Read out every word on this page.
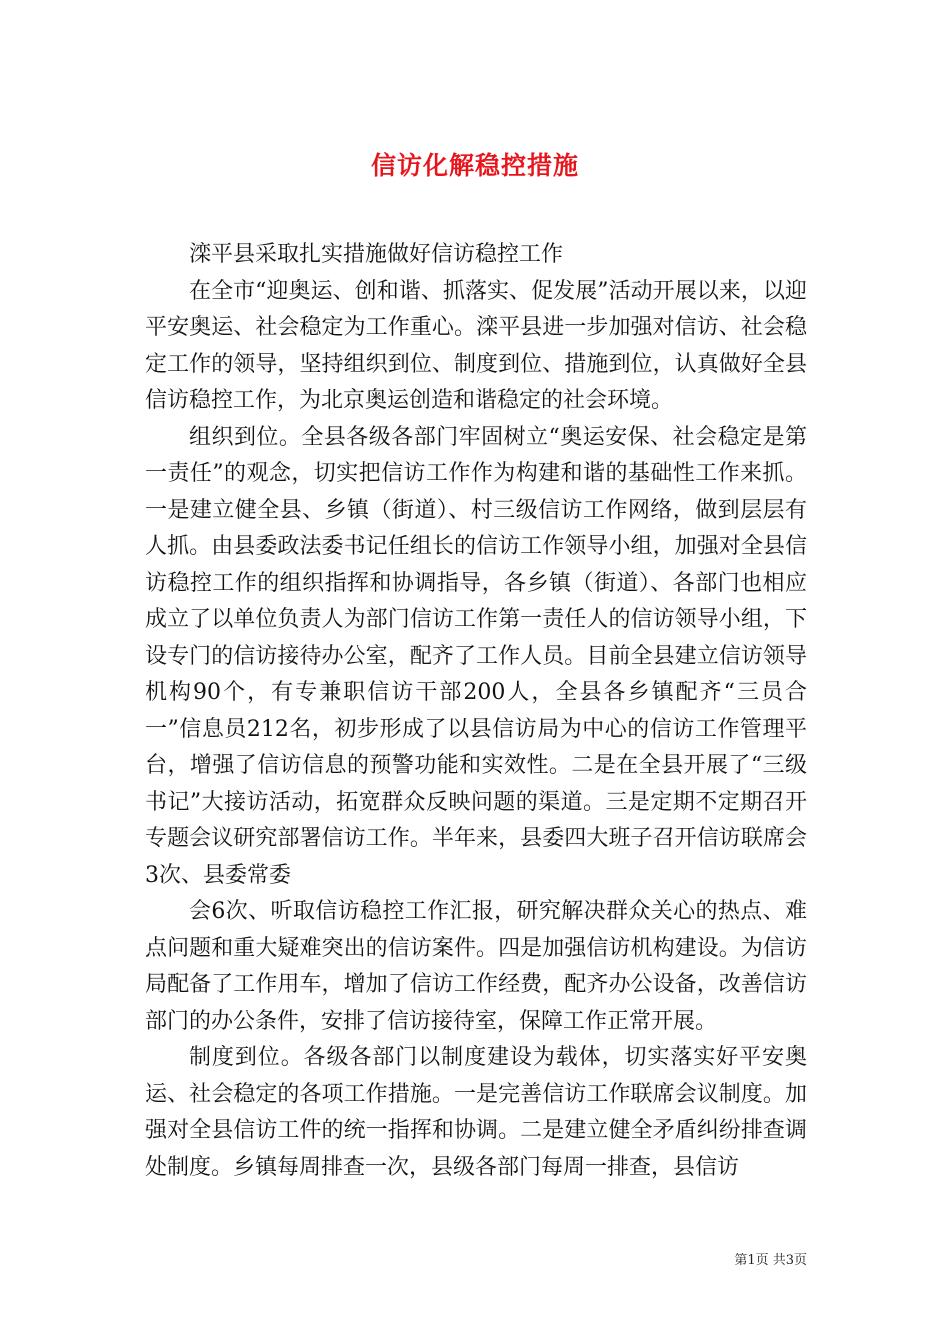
信访化解稳控措施

滦平县采取扎实措施做好信访稳控工作

在全市“迎奥运、创和谐、抓落实、促发展”活动开展以来，以迎平安奥运、社会稳定为工作重心。滦平县进一步加强对信访、社会稳定工作的领导，坚持组织到位、制度到位、措施到位，认真做好全县信访稳控工作，为北京奥运创造和谐稳定的社会环境。

组织到位。全县各级各部门牢固树立“奥运安保、社会稳定是第一责任”的观念，切实把信访工作作为构建和谐的基础性工作来抓。一是建立健全县、乡镇（街道）、村三级信访工作网络，做到层层有人抓。由县委政法委书记任组长的信访工作领导小组，加强对全县信访稳控工作的组织指挥和协调指导，各乡镇（街道）、各部门也相应成立了以单位负责人为部门信访工作第一责任人的信访领导小组，下设专门的信访接待办公室，配齐了工作人员。目前全县建立信访领导机构90个，有专兼职信访干部200人，全县各乡镇配齐“三员合一”信息员212名，初步形成了以县信访局为中心的信访工作管理平台，增强了信访信息的预警功能和实效性。二是在全县开展了“三级书记”大接访活动，拓宽群众反映问题的渠道。三是定期不定期召开专题会议研究部署信访工作。半年来，县委四大班子召开信访联席会3次、县委常委

会6次、听取信访稳控工作汇报，研究解决群众关心的热点、难点问题和重大疑难突出的信访案件。四是加强信访机构建设。为信访局配备了工作用车，增加了信访工作经费，配齐办公设备，改善信访部门的办公条件，安排了信访接待室，保障工作正常开展。

制度到位。各级各部门以制度建设为载体，切实落实好平安奥运、社会稳定的各项工作措施。一是完善信访工作联席会议制度。加强对全县信访工件的统一指挥和协调。二是建立健全矛盾纠纷排查调处制度。乡镇每周排查一次，县级各部门每周一排查，县信访

第1页 共3页
